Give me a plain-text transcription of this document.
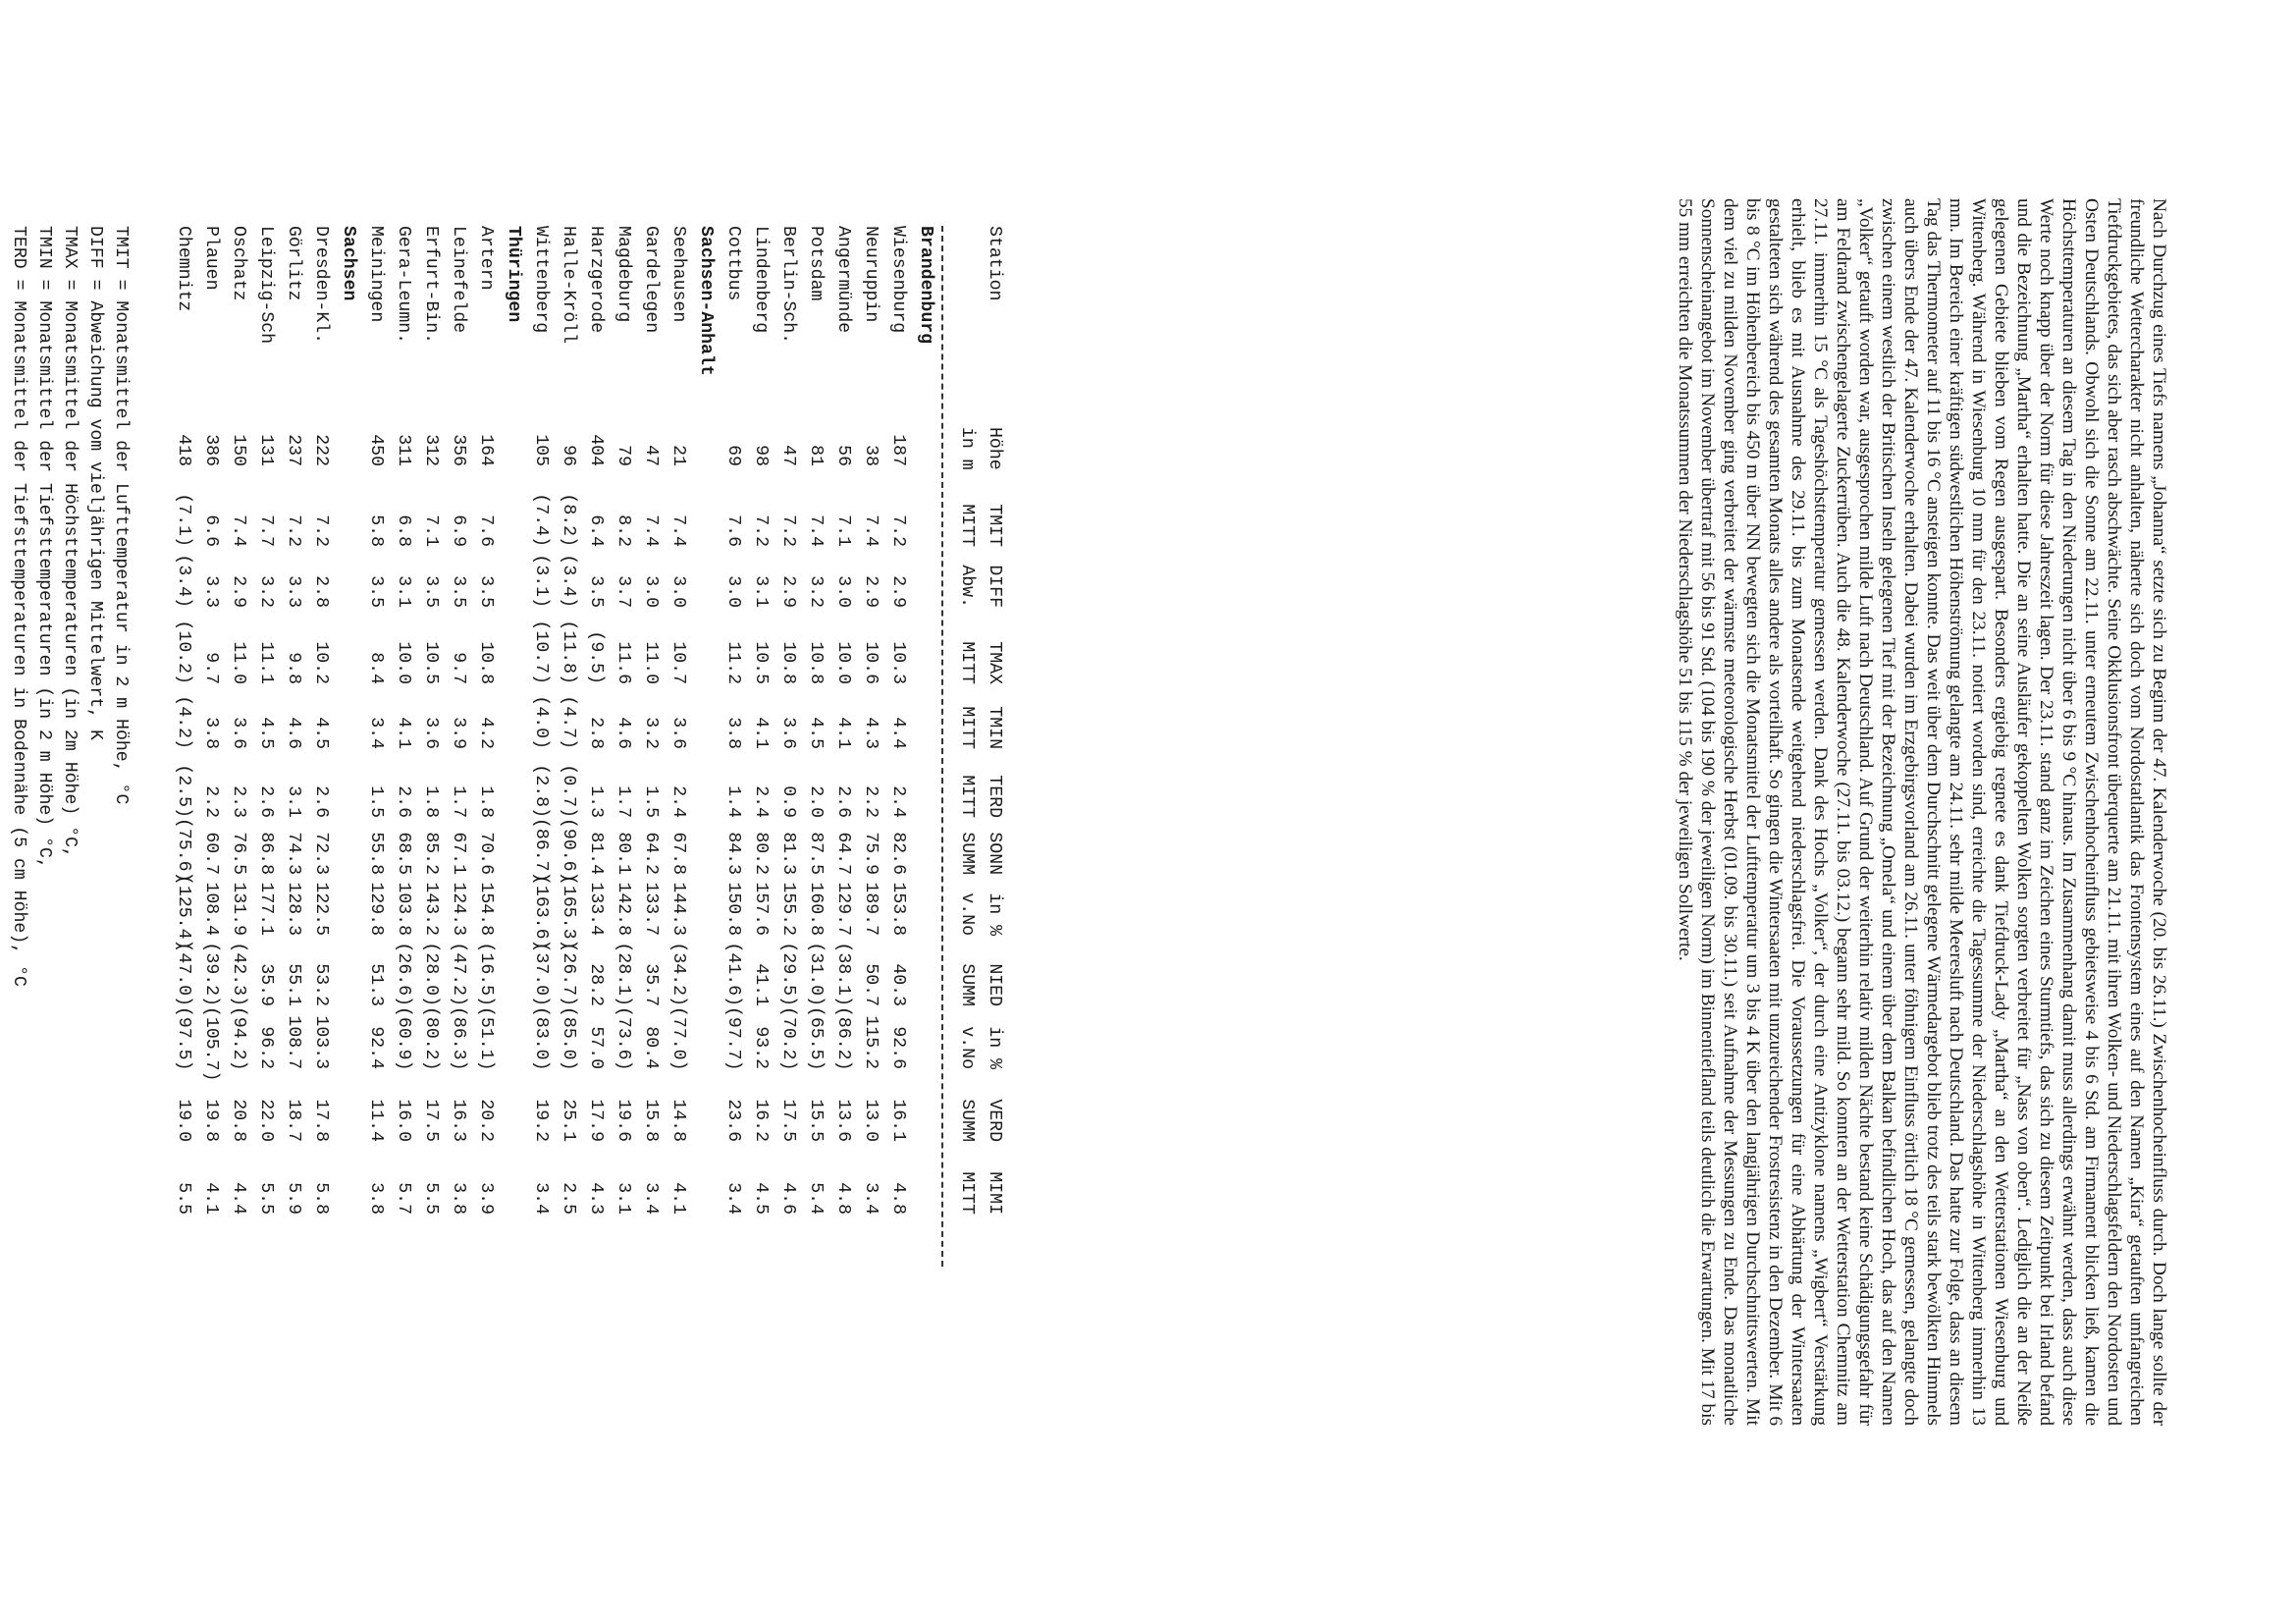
Nach Durchzug eines Tiefs namens „Johanna“ setzte sich zu Beginn der 47. Kalenderwoche (20. bis 26.11.) Zwischenhocheinfluss durch. Doch lange sollte der freundliche Wettercharakter nicht anhalten, näherte sich doch vom Nordostatlantik das Frontensystem eines auf den Namen „Kira“ getauften umfangreichen Tiefdruckgebietes, das sich aber rasch abschwächte. Seine Okklusionsfront überquerte am 21.11. mit ihren Wolken- und Niederschlagsfeldern den Nordosten und Osten Deutschlands. Obwohl sich die Sonne am 22.11. unter erneutem Zwischenhocheinfluss gebietsweise 4 bis 6 Std. am Firmament blicken ließ, kamen die Höchsttemperaturen an diesem Tag in den Niederungen nicht über 6 bis 9 °C hinaus. Im Zusammenhang damit muss allerdings erwähnt werden, dass auch diese Werte noch knapp über der Norm für diese Jahreszeit lagen. Der 23.11. stand ganz im Zeichen eines Sturmtiefs, das sich zu diesem Zeitpunkt bei Irland befand und die Bezeichnung „Martha“ erhalten hatte. Die an seine Ausläufer gekoppelten Wolken sorgten verbreitet für „Nass von oben“. Lediglich die an der Neiße gelegenen Gebiete blieben vom Regen ausgespart. Besonders ergiebig regnete es dank Tiefdruck-Lady „Martha“ an den Wetterstationen Wiesenburg und Wittenberg. Während in Wiesenburg 10 mm für den 23.11. notiert worden sind, erreichte die Tagessumme der Niederschlagshöhe in Wittenberg immerhin 13 mm. Im Bereich einer kräftigen südwestlichen Höhenströmung gelangte am 24.11. sehr milde Meeresluft nach Deutschland. Das hatte zur Folge, dass an diesem Tag das Thermometer auf 11 bis 16 °C ansteigen konnte. Das weit über dem Durchschnitt gelegene Wärmedargebot blieb trotz des teils stark bewölkten Himmels auch übers Ende der 47. Kalenderwoche erhalten. Dabei wurden im Erzgebirgsvorland am 26.11. unter föhnigem Einfluss örtlich 18 °C gemessen, gelangte doch zwischen einem westlich der Britischen Inseln gelegenen Tief mit der Bezeichnung „Omela“ und einem über dem Balkan befindlichen Hoch, das auf den Namen „Volker“ getauft worden war, ausgesprochen milde Luft nach Deutschland. Auf Grund der weiterhin relativ milden Nächte bestand keine Schädigungsgefahr für am Feldrand zwischengelagerte Zuckerrüben. Auch die 48. Kalenderwoche (27.11. bis 03.12.) begann sehr mild. So konnten an der Wetterstation Chemnitz am 27.11. immerhin 15 °C als Tageshöchsttemperatur gemessen werden. Dank des Hochs „Volker“, der durch eine Antizyklone namens „Wigbert“ Verstärkung erhielt, blieb es mit Ausnahme des 29.11. bis zum Monatsende weitgehend niederschlagsfrei. Die Voraussetzungen für eine Abhärtung der Wintersaaten gestalteten sich während des gesamten Monats alles andere als vorteilhaft. So gingen die Wintersaaten mit unzureichender Frostresistenz in den Dezember. Mit 6 bis 8 °C im Höhenbereich bis 450 m über NN bewegten sich die Monatsmittel der Lufttemperatur um 3 bis 4 K über den langjährigen Durchschnittswerten. Mit dem viel zu milden November ging verbreitet der wärmste meteorologische Herbst (01.09. bis 30.11.) seit Aufnahme der Messungen zu Ende. Das monatliche Sonnenscheinangebot im November übertraf mit 56 bis 91 Std. (104 bis 190 % der jeweiligen Norm) im Binnentiefland teils deutlich die Erwartungen. Mit 17 bis 55 mm erreichten die Monatssummen der Niederschlagshöhe 51 bis 115 % der jeweiligen Sollwerte.

Station
Höhe
TMIT
DIFF
TMAX
TMIN
TERD
SONN
in %
NIED
in %
VERD
MIMI
in m
MITT
Abw.
MITT
MITT
MITT
SUMM
v.No
SUMM
v.No
SUMM
MITT
Brandenburg
Wiesenburg
187
7.2
2.9
10.3
4.4
2.4
82.6
153.8
40.3
92.6
16.1
4.8
Neuruppin
38
7.4
2.9
10.6
4.3
2.2
75.9
189.7
50.7
115.2
13.0
3.4
Angermünde
56
7.1
3.0
10.0
4.1
2.6
64.7
129.7
(38.1)
(86.2)
13.6
4.8
Potsdam
81
7.4
3.2
10.8
4.5
2.0
87.5
160.8
(31.0)
(65.5)
15.5
5.4
Berlin-Sch.
47
7.2
2.9
10.8
3.6
0.9
81.3
155.2
(29.5)
(70.2)
17.5
4.6
Lindenberg
98
7.2
3.1
10.5
4.1
2.4
80.2
157.6
41.1
93.2
16.2
4.5
Cottbus
69
7.6
3.0
11.2
3.8
1.4
84.3
150.8
(41.6)
(97.7)
23.6
3.4
Sachsen-Anhalt
Seehausen
21
7.4
3.0
10.7
3.6
2.4
67.8
144.3
(34.2)
(77.0)
14.8
4.1
Gardelegen
47
7.4
3.0
11.0
3.2
1.5
64.2
133.7
35.7
80.4
15.8
3.4
Magdeburg
79
8.2
3.7
11.6
4.6
1.7
80.1
142.8
(28.1)
(73.6)
19.6
3.1
Harzgerode
404
6.4
3.5
(9.5)
2.8
1.3
81.4
133.4
28.2
57.0
17.9
4.3
Halle-Kröll
96
(8.2)
(3.4)
(11.8)
(4.7)
(0.7)
(90.6)
(165.3)
(26.7)
(85.0)
25.1
2.5
Wittenberg
105
(7.4)
(3.1)
(10.7)
(4.0)
(2.8)
(86.7)
(163.6)
(37.0)
(83.0)
19.2
3.4
Thüringen
Artern
164
7.6
3.5
10.8
4.2
1.8
70.6
154.8
(16.5)
(51.1)
20.2
3.9
Leinefelde
356
6.9
3.5
9.7
3.9
1.7
67.1
124.3
(47.2)
(86.3)
16.3
3.8
Erfurt-Bin.
312
7.1
3.5
10.5
3.6
1.8
85.2
143.2
(28.0)
(80.2)
17.5
5.5
Gera-Leumn.
311
6.8
3.1
10.0
4.1
2.6
68.5
103.8
(26.6)
(60.9)
16.0
5.7
Meiningen
450
5.8
3.5
8.4
3.4
1.5
55.8
129.8
51.3
92.4
11.4
3.8
Sachsen
Dresden-Kl.
222
7.2
2.8
10.2
4.5
2.6
72.3
122.5
53.2
103.3
17.8
5.8
Görlitz
237
7.2
3.3
9.8
4.6
3.1
74.3
128.3
55.1
108.7
18.7
5.9
Leipzig-Sch
131
7.7
3.2
11.1
4.5
2.6
86.8
177.1
35.9
96.2
22.0
5.5
Oschatz
150
7.4
2.9
11.0
3.6
2.3
76.5
131.9
(42.3)
(94.2)
20.8
4.4
Plauen
386
6.6
3.3
9.7
3.8
2.2
60.7
108.4
(39.2)
(105.7)
19.8
4.1
Chemnitz
418
(7.1)
(3.4)
(10.2)
(4.2)
(2.5)
(75.6)
(125.4)
(47.0)
(97.5)
19.0
5.5
TMIT = Monatsmittel der Lufttemperatur in 2 m Höhe, °C
DIFF = Abweichung vom vieljährigen Mittelwert, K
TMAX = Monatsmittel der Höchsttemperaturen (in 2m Höhe) °C,
TMIN = Monatsmittel der Tiefsttemperaturen (in 2 m Höhe) °C,
TERD = Monatsmittel der Tiefsttemperaturen in Bodennähe (5 cm Höhe), °C
